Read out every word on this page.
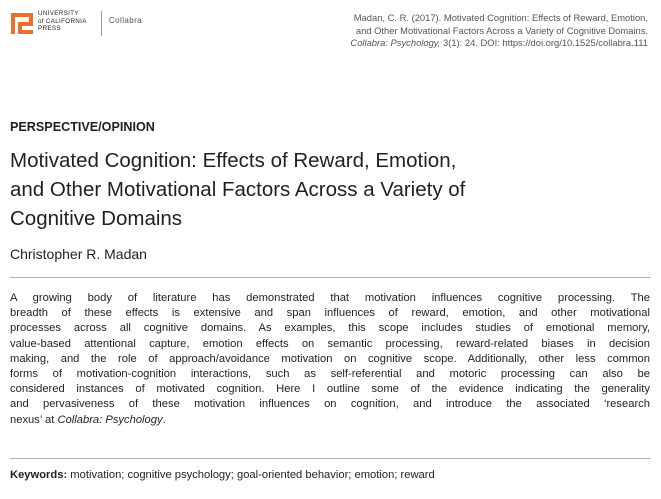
UNIVERSITY
of CALIFORNIA
PRESS
Collabra	Madan, C. R. (2017). Motivated Cognition: Effects of Reward, Emotion,
and Other Motivational Factors Across a Variety of Cognitive Domains.
Collabra: Psychology, 3(1): 24. DOI: https://doi.org/10.1525/collabra.111
PERSPECTIVE/OPINION
Motivated Cognition: Effects of Reward, Emotion,
and Other Motivational Factors Across a Variety of
Cognitive Domains
Christopher R. Madan
A growing body of literature has demonstrated that motivation influences cognitive processing. The
breadth of these effects is extensive and span influences of reward, emotion, and other motivational
processes across all cognitive domains. As examples, this scope includes studies of emotional memory,
value-based attentional capture, emotion effects on semantic processing, reward-related biases in decision
making, and the role of approach/avoidance motivation on cognitive scope. Additionally, other less common
forms of motivation-cognition interactions, such as self-referential and motoric processing can also be
considered instances of motivated cognition. Here I outline some of the evidence indicating the generality
and pervasiveness of these motivation influences on cognition, and introduce the associated ‘research
nexus’ at Collabra: Psychology.
Keywords: motivation; cognitive psychology; goal-oriented behavior; emotion; reward
